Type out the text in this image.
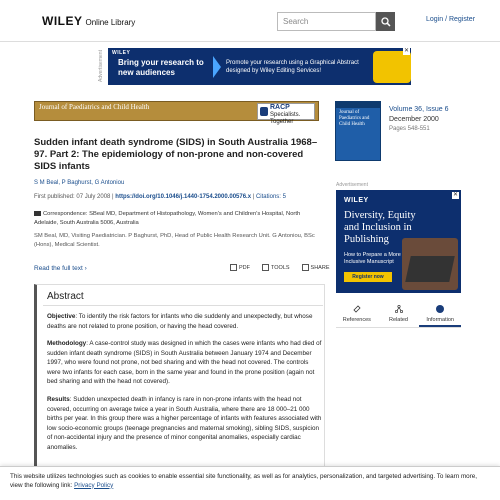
WILEY Online Library
Search	Login / Register
Advertisement WILEY
Bring your research to new audiences
Promote your research using a Graphical Abstract designed by Wiley Editing Services!
✕
Journal of Paediatrics and Child Health	RACP
Specialists. Together
Journal of Paediatrics and Child Health
Volume 36, Issue 6
December 2000
Pages 548-551
Sudden infant death syndrome (SIDS) in South Australia 1968–97. Part 2: The epidemiology of non-prone and non-covered SIDS infants
S M Beal, P Baghurst, G Antoniou
First published: 07 July 2008 | https://doi.org/10.1046/j.1440-1754.2000.00576.x | Citations: 5
Correspondence: SBeal MD, Department of Histopathology, Women's and Children's Hospital, North Adelaide, South Australia 5006, Australia
SM Beal, MD, Visiting Paediatrician. P Baghurst, PhD, Head of Public Health Research Unit. G Antoniou, BSc (Hons), Medical Scientist.
Read the full text ›	PDF	TOOLS	SHARE
Abstract
Objective: To identify the risk factors for infants who die suddenly and unexpectedly, but whose deaths are not related to prone position, or having the head covered.
Methodology: A case-control study was designed in which the cases were infants who had died of sudden infant death syndrome (SIDS) in South Australia between January 1974 and December 1997, who were found not prone, not bed sharing and with the head not covered. The controls were two infants for each case, born in the same year and found in the prone position (again not bed sharing and with the head not covered).
Results: Sudden unexpected death in infancy is rare in non-prone infants with the head not covered, occurring on average twice a year in South Australia, where there are 18 000–21 000 births per year. In this group there was a higher percentage of infants with features associated with low socio-economic groups (teenage pregnancies and maternal smoking), sibling SIDS, suspicion of non-accidental injury and the presence of minor congenital anomalies, especially cardiac anomalies.
Advertisement
WILEY
Diversity, Equity and Inclusion in Publishing
How to Prepare a More Inclusive Manuscript
Register now
✕
References	Related	Information
This website utilizes technologies such as cookies to enable essential site functionality, as well as for analytics, personalization, and targeted advertising. To learn more, view the following link: Privacy Policy
